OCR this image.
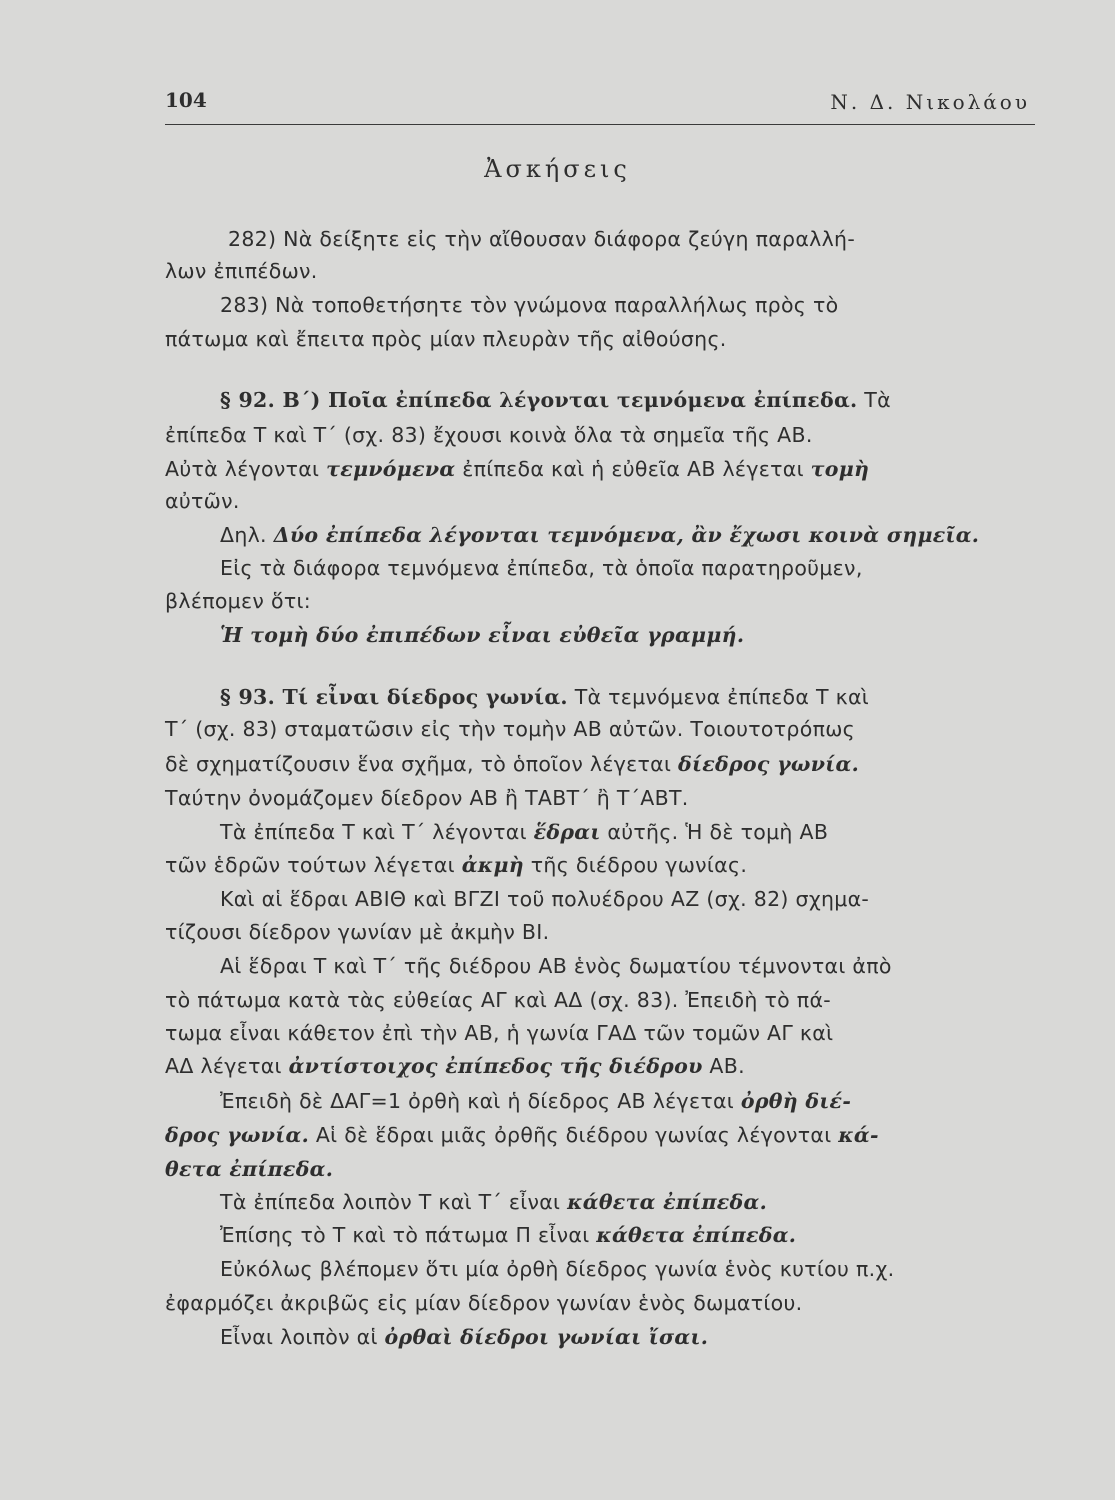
104	Ν. Δ. Νικολάου
Ἀσκήσεις
282) Νὰ δείξητε εἰς τὴν αἴθουσαν διάφορα ζεύγη παραλλή-
λων ἐπιπέδων.
283) Νὰ τοποθετήσητε τὸν γνώμονα παραλλήλως πρὸς τὸ
πάτωμα καὶ ἔπειτα πρὸς μίαν πλευρὰν τῆς αἰθούσης.
§ 92. Β΄) Ποῖα ἐπίπεδα λέγονται τεμνόμενα ἐπίπεδα. Τὰ
ἐπίπεδα Τ καὶ Τ΄ (σχ. 83) ἔχουσι κοινὰ ὅλα τὰ σημεῖα τῆς ΑΒ.
Αὐτὰ λέγονται τεμνόμενα ἐπίπεδα καὶ ἡ εὐθεῖα ΑΒ λέγεται τομὴ
αὐτῶν.
Δηλ. Δύο ἐπίπεδα λέγονται τεμνόμενα, ἂν ἔχωσι κοινὰ σημεῖα.
Εἰς τὰ διάφορα τεμνόμενα ἐπίπεδα, τὰ ὁποῖα παρατηροῦμεν,
βλέπομεν ὅτι:
Ἡ τομὴ δύο ἐπιπέδων εἶναι εὐθεῖα γραμμή.
§ 93. Τί εἶναι δίεδρος γωνία. Τὰ τεμνόμενα ἐπίπεδα Τ καὶ
Τ΄ (σχ. 83) σταματῶσιν εἰς τὴν τομὴν ΑΒ αὐτῶν. Τοιουτοτρόπως
δὲ σχηματίζουσιν ἕνα σχῆμα, τὸ ὁποῖον λέγεται δίεδρος γωνία.
Ταύτην ὀνομάζομεν δίεδρον ΑΒ ἢ ΤΑΒΤ΄ ἢ Τ΄ΑΒΤ.
Τὰ ἐπίπεδα Τ καὶ Τ΄ λέγονται ἕδραι αὐτῆς. Ἡ δὲ τομὴ ΑΒ
τῶν ἑδρῶν τούτων λέγεται ἀκμὴ τῆς διέδρου γωνίας.
Καὶ αἱ ἕδραι ΑΒΙΘ καὶ ΒΓΖΙ τοῦ πολυέδρου ΑΖ (σχ. 82) σχημα-
τίζουσι δίεδρον γωνίαν μὲ ἀκμὴν ΒΙ.
Αἱ ἕδραι Τ καὶ Τ΄ τῆς διέδρου ΑΒ ἑνὸς δωματίου τέμνονται ἀπὸ
τὸ πάτωμα κατὰ τὰς εὐθείας ΑΓ καὶ ΑΔ (σχ. 83). Ἐπειδὴ τὸ πά-
τωμα εἶναι κάθετον ἐπὶ τὴν ΑΒ, ἡ γωνία ΓΑΔ τῶν τομῶν ΑΓ καὶ
ΑΔ λέγεται ἀντίστοιχος ἐπίπεδος τῆς διέδρου ΑΒ.
Ἐπειδὴ δὲ ΔΑΓ=1 ὀρθὴ καὶ ἡ δίεδρος ΑΒ λέγεται ὀρθὴ διέ-
δρος γωνία. Αἱ δὲ ἕδραι μιᾶς ὀρθῆς διέδρου γωνίας λέγονται κά-
θετα ἐπίπεδα.
Τὰ ἐπίπεδα λοιπὸν Τ καὶ Τ΄ εἶναι κάθετα ἐπίπεδα.
Ἐπίσης τὸ Τ καὶ τὸ πάτωμα Π εἶναι κάθετα ἐπίπεδα.
Εὐκόλως βλέπομεν ὅτι μία ὀρθὴ δίεδρος γωνία ἑνὸς κυτίου π.χ.
ἐφαρμόζει ἀκριβῶς εἰς μίαν δίεδρον γωνίαν ἑνὸς δωματίου.
Εἶναι λοιπὸν αἱ ὀρθαὶ δίεδροι γωνίαι ἴσαι.
